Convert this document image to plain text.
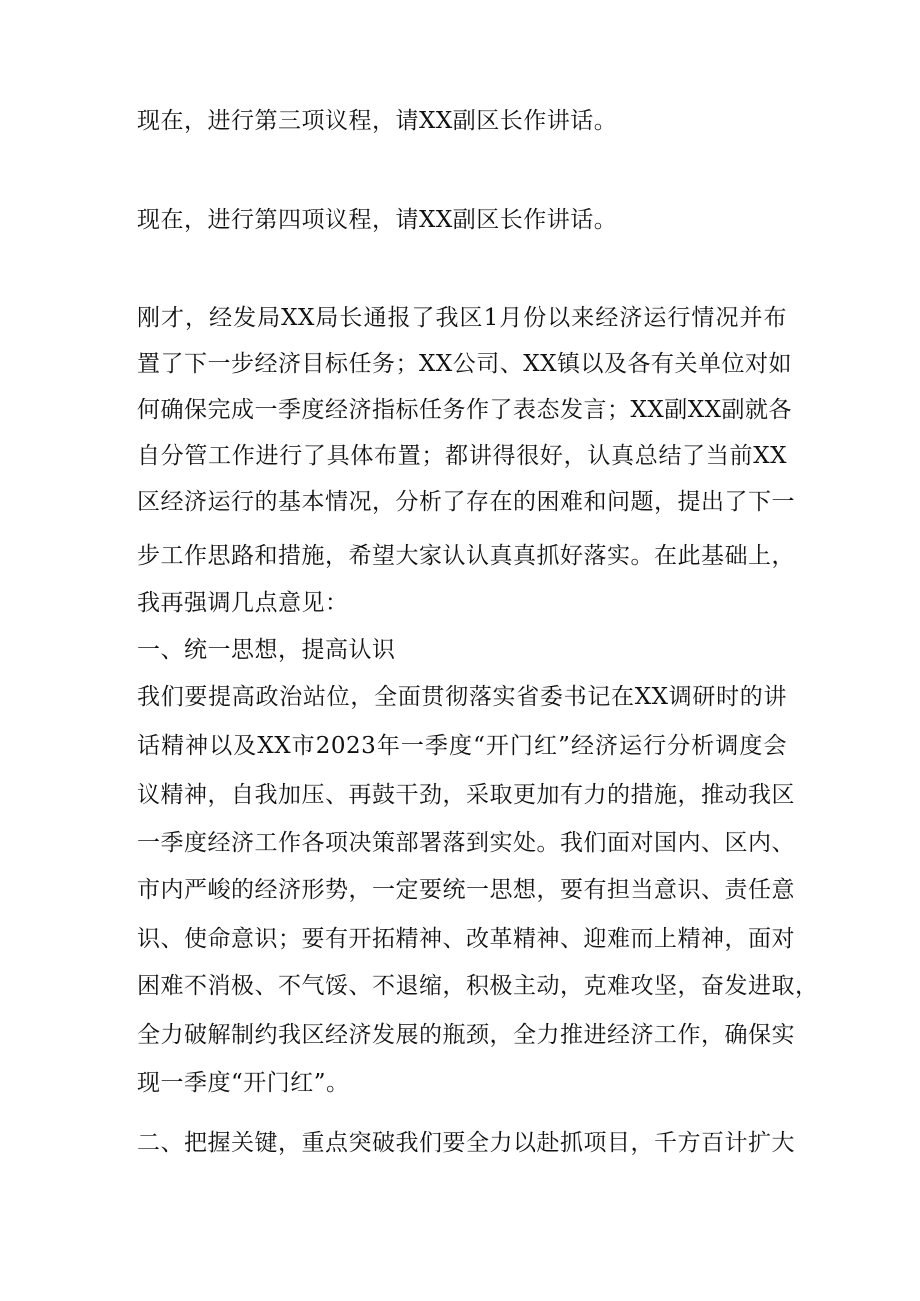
现在，进行第三项议程，请XX副区长作讲话。
现在，进行第四项议程，请XX副区长作讲话。
刚才，经发局XX局长通报了我区1月份以来经济运行情况并布
置了下一步经济目标任务；XX公司、XX镇以及各有关单位对如
何确保完成一季度经济指标任务作了表态发言；XX副XX副就各
自分管工作进行了具体布置；都讲得很好，认真总结了当前XX
区经济运行的基本情况，分析了存在的困难和问题，提出了下一
步工作思路和措施，希望大家认认真真抓好落实。在此基础上，
我再强调几点意见：
一、统一思想，提高认识
我们要提高政治站位，全面贯彻落实省委书记在XX调研时的讲
话精神以及XX市2023年一季度“开门红”经济运行分析调度会
议精神，自我加压、再鼓干劲，采取更加有力的措施，推动我区
一季度经济工作各项决策部署落到实处。我们面对国内、区内、
市内严峻的经济形势，一定要统一思想，要有担当意识、责任意
识、使命意识；要有开拓精神、改革精神、迎难而上精神，面对
困难不消极、不气馁、不退缩，积极主动，克难攻坚，奋发进取，
全力破解制约我区经济发展的瓶颈，全力推进经济工作，确保实
现一季度“开门红”。
二、把握关键，重点突破我们要全力以赴抓项目，千方百计扩大
